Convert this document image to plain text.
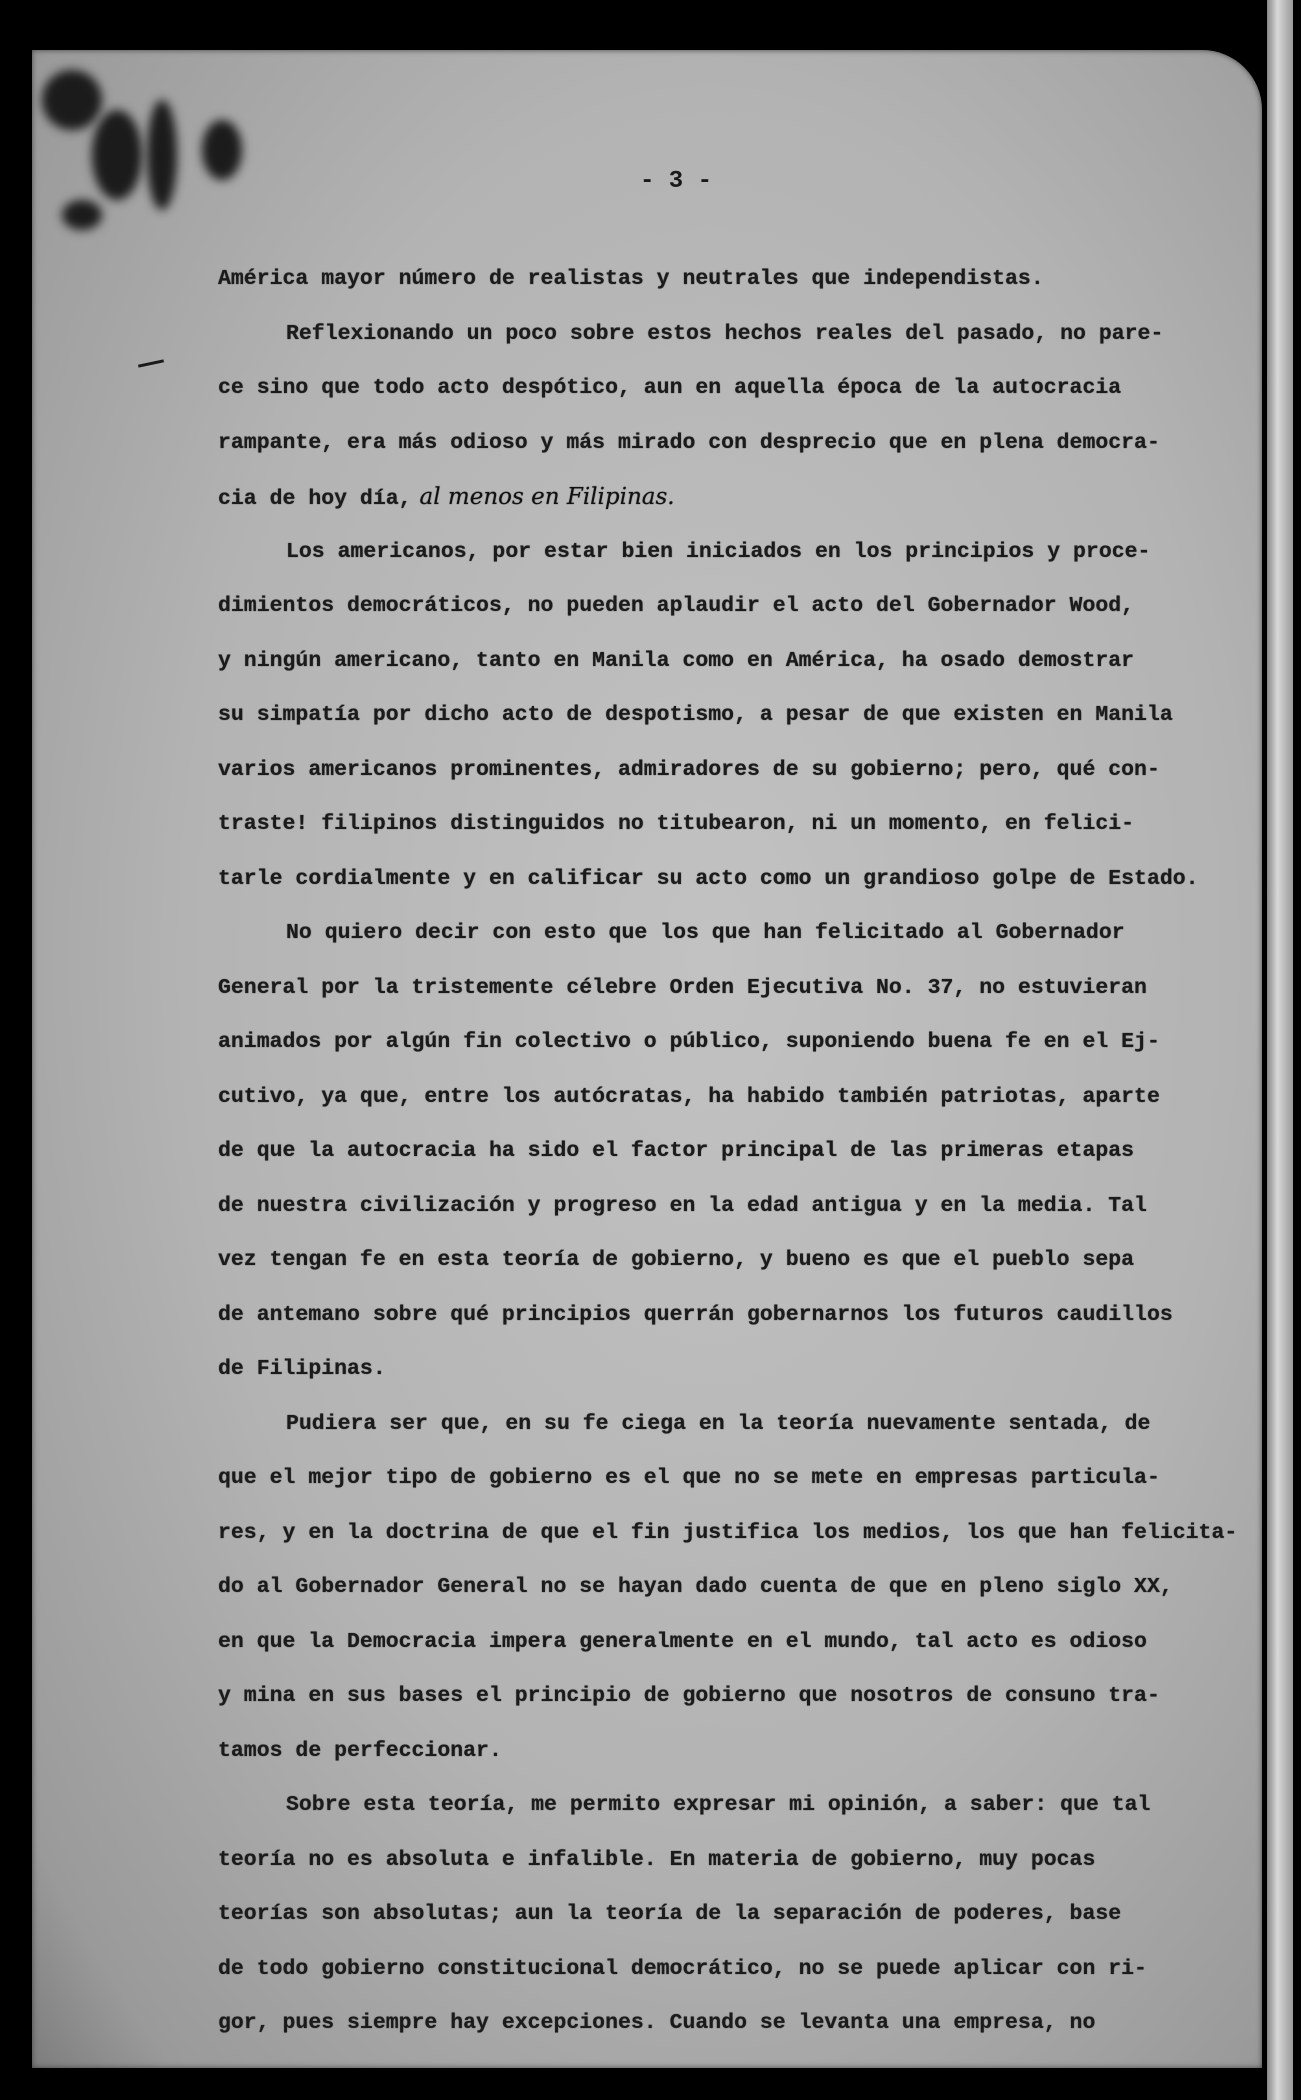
- 3 -
América mayor número de realistas y neutrales que independistas.
Reflexionando un poco sobre estos hechos reales del pasado, no pare-
ce sino que todo acto despótico, aun en aquella época de la autocracia
rampante, era más odioso y más mirado con desprecio que en plena democra-
cia de hoy día, al menos en Filipinas.
Los americanos, por estar bien iniciados en los principios y proce-
dimientos democráticos, no pueden aplaudir el acto del Gobernador Wood,
y ningún americano, tanto en Manila como en América, ha osado demostrar
su simpatía por dicho acto de despotismo, a pesar de que existen en Manila
varios americanos prominentes, admiradores de su gobierno; pero, qué con-
traste! filipinos distinguidos no titubearon, ni un momento, en felici-
tarle cordialmente y en calificar su acto como un grandioso golpe de Estado.
No quiero decir con esto que los que han felicitado al Gobernador
General por la tristemente célebre Orden Ejecutiva No. 37, no estuvieran
animados por algún fin colectivo o público, suponiendo buena fe en el Ej-
cutivo, ya que, entre los autócratas, ha habido también patriotas, aparte
de que la autocracia ha sido el factor principal de las primeras etapas
de nuestra civilización y progreso en la edad antigua y en la media. Tal
vez tengan fe en esta teoría de gobierno, y bueno es que el pueblo sepa
de antemano sobre qué principios querrán gobernarnos los futuros caudillos
de Filipinas.
Pudiera ser que, en su fe ciega en la teoría nuevamente sentada, de
que el mejor tipo de gobierno es el que no se mete en empresas particula-
res, y en la doctrina de que el fin justifica los medios, los que han felicita-
do al Gobernador General no se hayan dado cuenta de que en pleno siglo XX,
en que la Democracia impera generalmente en el mundo, tal acto es odioso
y mina en sus bases el principio de gobierno que nosotros de consuno tra-
tamos de perfeccionar.
Sobre esta teoría, me permito expresar mi opinión, a saber: que tal
teoría no es absoluta e infalible. En materia de gobierno, muy pocas
teorías son absolutas; aun la teoría de la separación de poderes, base
de todo gobierno constitucional democrático, no se puede aplicar con ri-
gor, pues siempre hay excepciones. Cuando se levanta una empresa, no
